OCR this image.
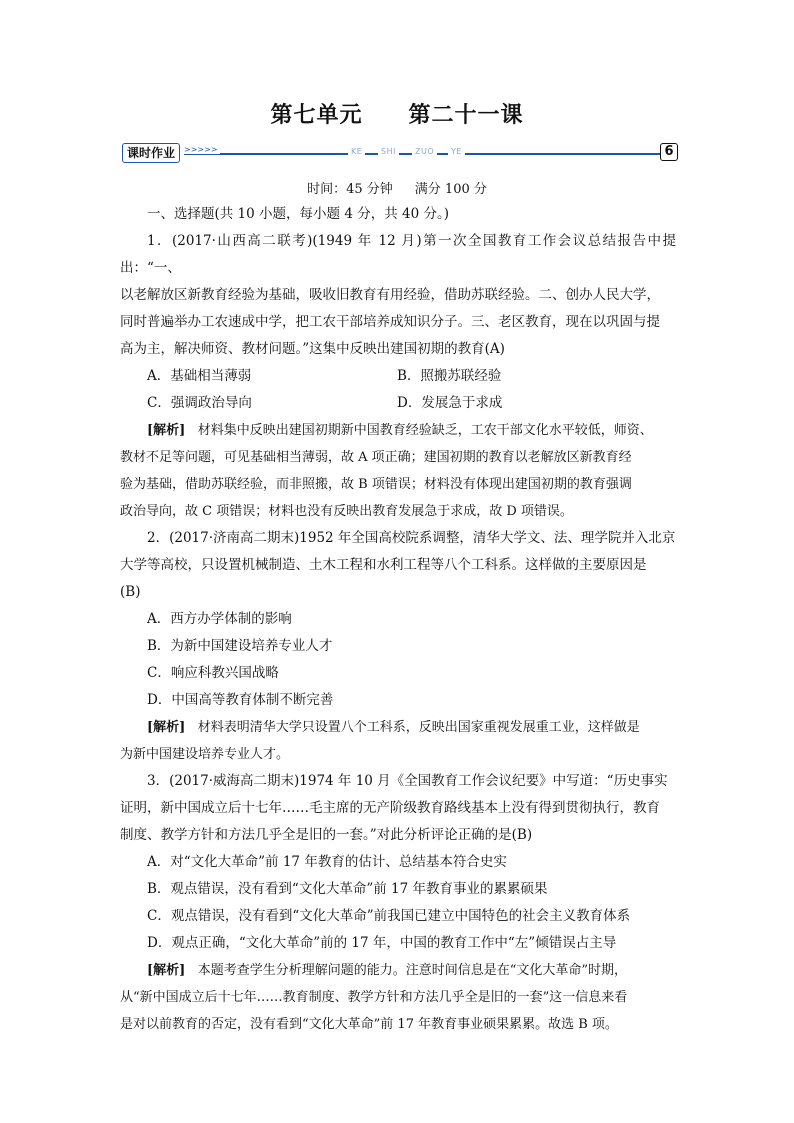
第七单元 第二十一课
课时作业	>>>>>	KE	SHI	ZUO	YE	6
时间：45 分钟 满分 100 分

一、选择题(共 10 小题，每小题 4 分，共 40 分。)

1．(2017·山西高二联考)(1949 年 12 月)第一次全国教育工作会议总结报告中提出：“一、

以老解放区新教育经验为基础，吸收旧教育有用经验，借助苏联经验。二、创办人民大学，

同时普遍举办工农速成中学，把工农干部培养成知识分子。三、老区教育，现在以巩固与提

高为主，解决师资、教材问题。”这集中反映出建国初期的教育(A)

A．基础相当薄弱	B．照搬苏联经验
C．强调政治导向	D．发展急于求成

[解析] 材料集中反映出建国初期新中国教育经验缺乏，工农干部文化水平较低，师资、

教材不足等问题，可见基础相当薄弱，故 A 项正确；建国初期的教育以老解放区新教育经

验为基础，借助苏联经验，而非照搬，故 B 项错误；材料没有体现出建国初期的教育强调

政治导向，故 C 项错误；材料也没有反映出教育发展急于求成，故 D 项错误。

2．(2017·济南高二期末)1952 年全国高校院系调整，清华大学文、法、理学院并入北京

大学等高校，只设置机械制造、土木工程和水利工程等八个工科系。这样做的主要原因是

(B)

A．西方办学体制的影响

B．为新中国建设培养专业人才

C．响应科教兴国战略

D．中国高等教育体制不断完善

[解析] 材料表明清华大学只设置八个工科系，反映出国家重视发展重工业，这样做是

为新中国建设培养专业人才。

3．(2017·威海高二期末)1974 年 10 月《全国教育工作会议纪要》中写道：“历史事实

证明，新中国成立后十七年……毛主席的无产阶级教育路线基本上没有得到贯彻执行，教育

制度、教学方针和方法几乎全是旧的一套。”对此分析评论正确的是(B)

A．对“文化大革命”前 17 年教育的估计、总结基本符合史实

B．观点错误，没有看到“文化大革命”前 17 年教育事业的累累硕果

C．观点错误，没有看到“文化大革命”前我国已建立中国特色的社会主义教育体系

D．观点正确，“文化大革命”前的 17 年，中国的教育工作中“左”倾错误占主导

[解析] 本题考查学生分析理解问题的能力。注意时间信息是在“文化大革命”时期，

从“新中国成立后十七年……教育制度、教学方针和方法几乎全是旧的一套”这一信息来看

是对以前教育的否定，没有看到“文化大革命”前 17 年教育事业硕果累累。故选 B 项。
